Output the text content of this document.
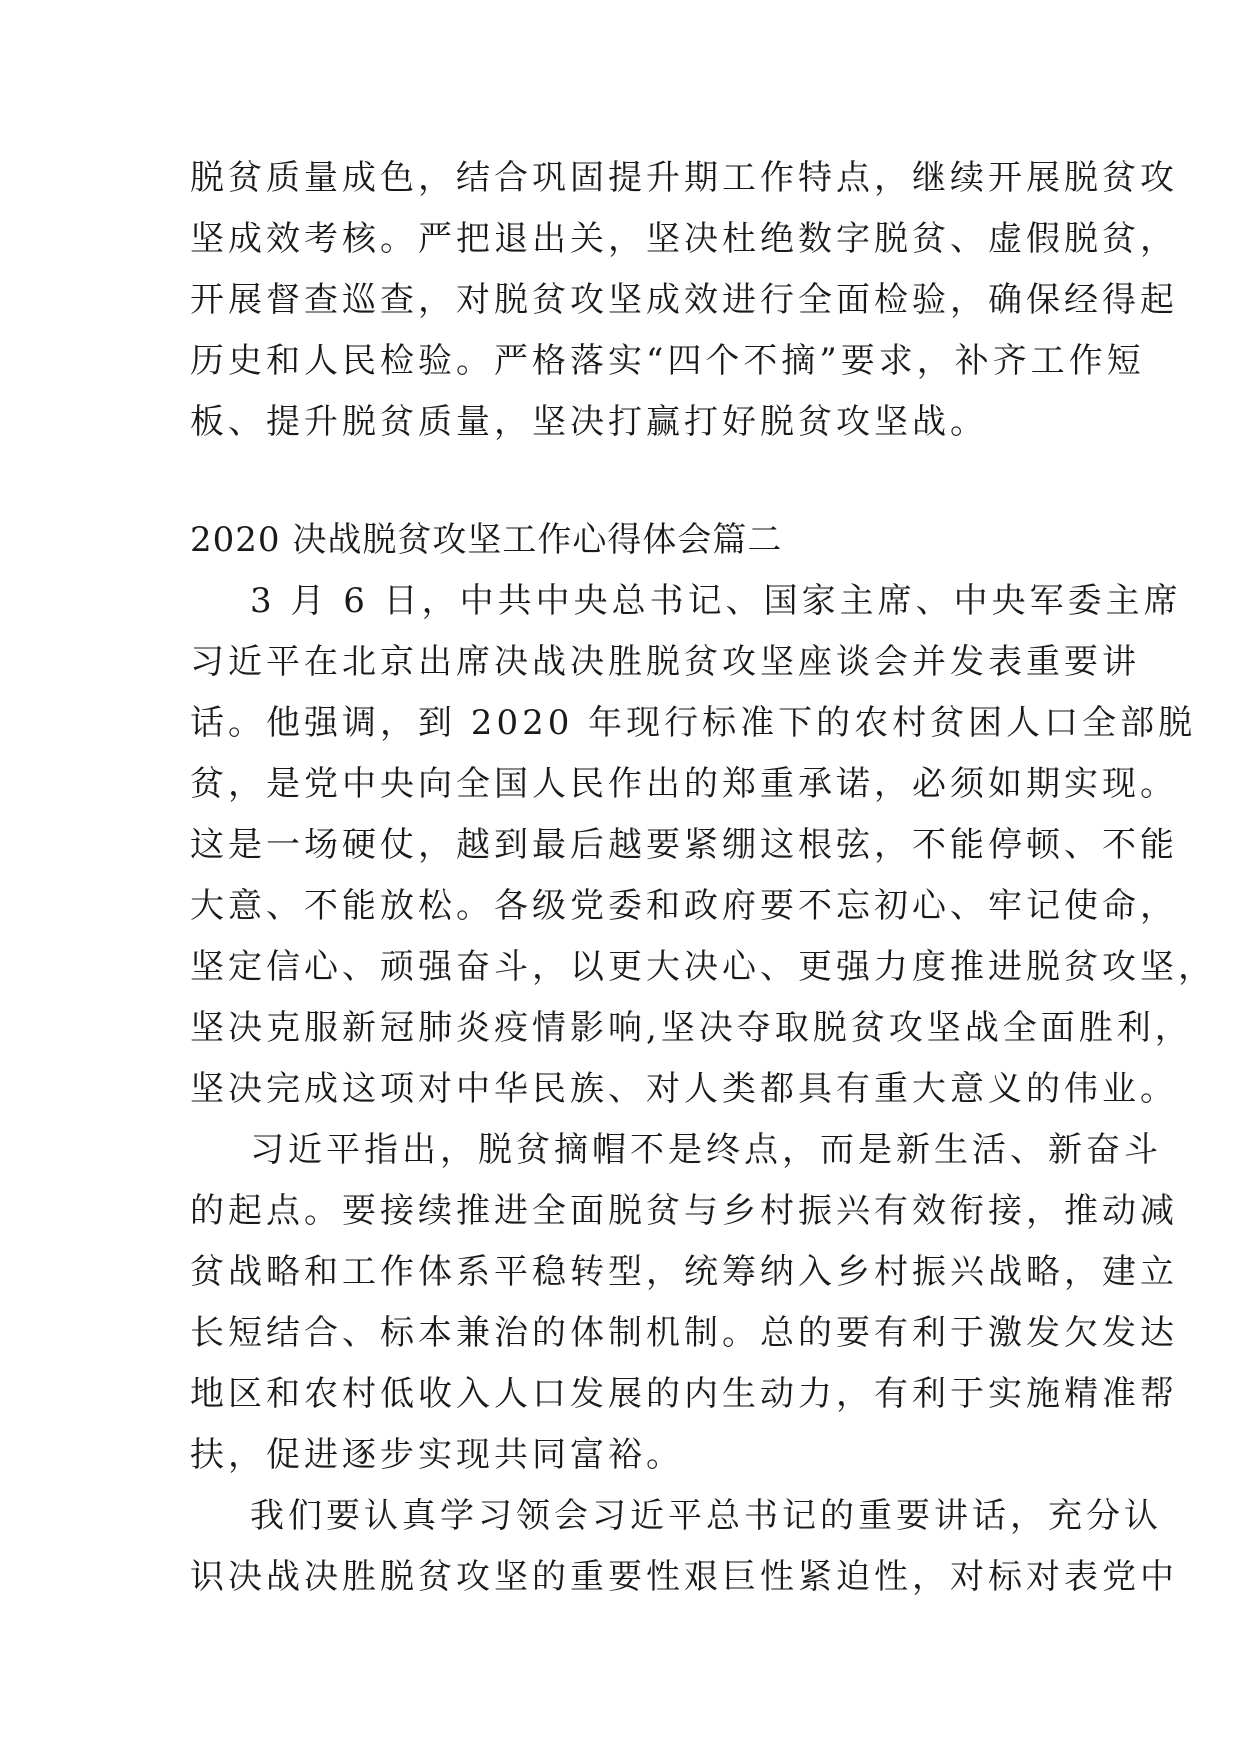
脱贫质量成色，结合巩固提升期工作特点，继续开展脱贫攻
坚成效考核。严把退出关，坚决杜绝数字脱贫、虚假脱贫，
开展督查巡查，对脱贫攻坚成效进行全面检验，确保经得起
历史和人民检验。严格落实“四个不摘”要求，补齐工作短
板、提升脱贫质量，坚决打赢打好脱贫攻坚战。
2020 决战脱贫攻坚工作心得体会篇二
3 月 6 日，中共中央总书记、国家主席、中央军委主席
习近平在北京出席决战决胜脱贫攻坚座谈会并发表重要讲
话。他强调，到 2020 年现行标准下的农村贫困人口全部脱
贫，是党中央向全国人民作出的郑重承诺，必须如期实现。
这是一场硬仗，越到最后越要紧绷这根弦，不能停顿、不能
大意、不能放松。各级党委和政府要不忘初心、牢记使命，
坚定信心、顽强奋斗，以更大决心、更强力度推进脱贫攻坚，
坚决克服新冠肺炎疫情影响,坚决夺取脱贫攻坚战全面胜利，
坚决完成这项对中华民族、对人类都具有重大意义的伟业。
习近平指出，脱贫摘帽不是终点，而是新生活、新奋斗
的起点。要接续推进全面脱贫与乡村振兴有效衔接，推动减
贫战略和工作体系平稳转型，统筹纳入乡村振兴战略，建立
长短结合、标本兼治的体制机制。总的要有利于激发欠发达
地区和农村低收入人口发展的内生动力，有利于实施精准帮
扶，促进逐步实现共同富裕。
我们要认真学习领会习近平总书记的重要讲话，充分认
识决战决胜脱贫攻坚的重要性艰巨性紧迫性，对标对表党中
